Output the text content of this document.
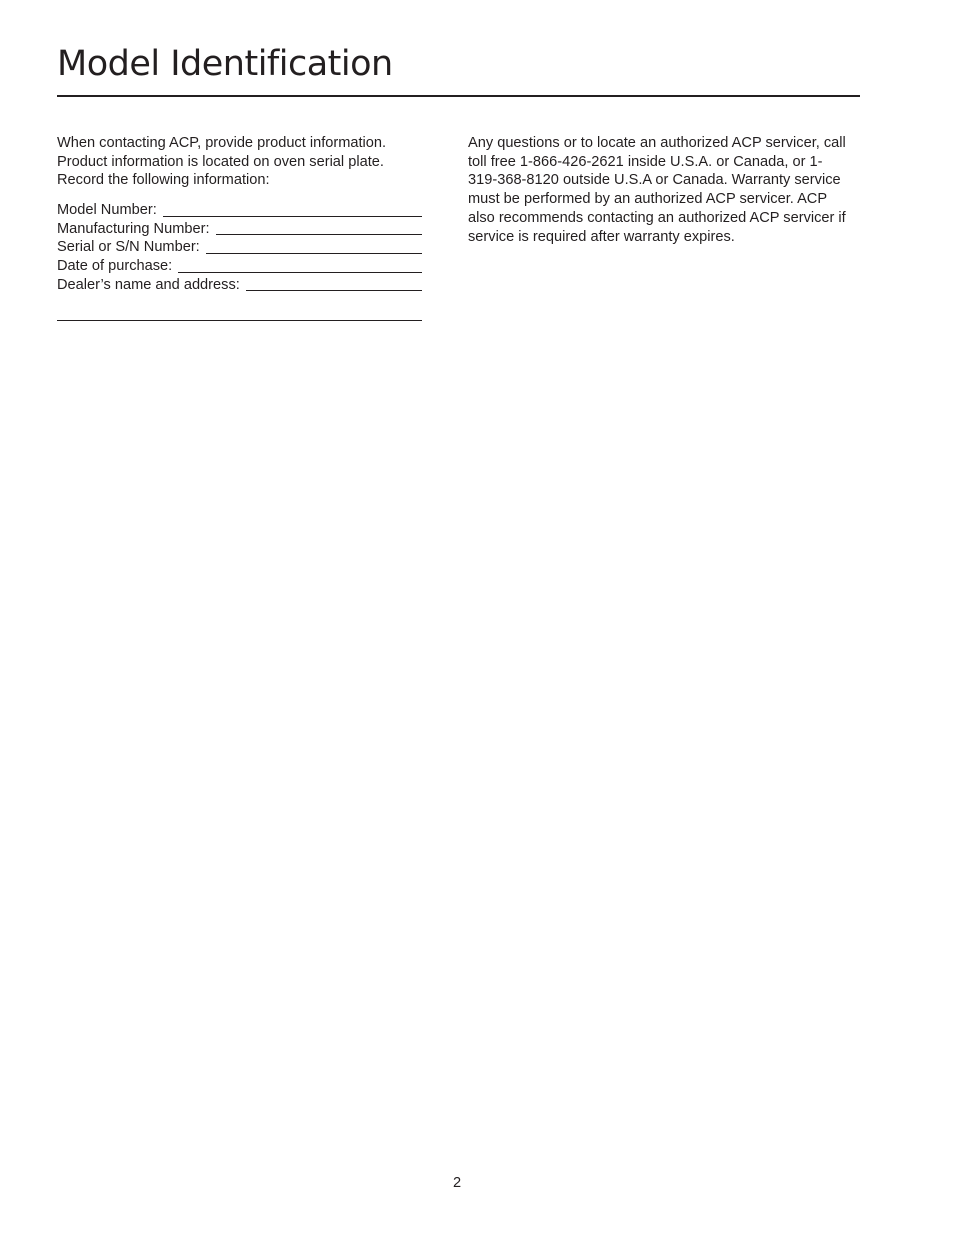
Model Identification

When contacting ACP, provide product information. Product information is located on oven serial plate. Record the following information:

Model Number:
Manufacturing Number:
Serial or S/N Number:
Date of purchase:
Dealer’s name and address:

Any questions or to locate an authorized ACP servicer, call toll free 1-866-426-2621 inside U.S.A. or Canada, or 1-319-368-8120 outside U.S.A or Canada. Warranty service must be performed by an authorized ACP servicer. ACP also recommends contacting an authorized ACP servicer if service is required after warranty expires.

2
